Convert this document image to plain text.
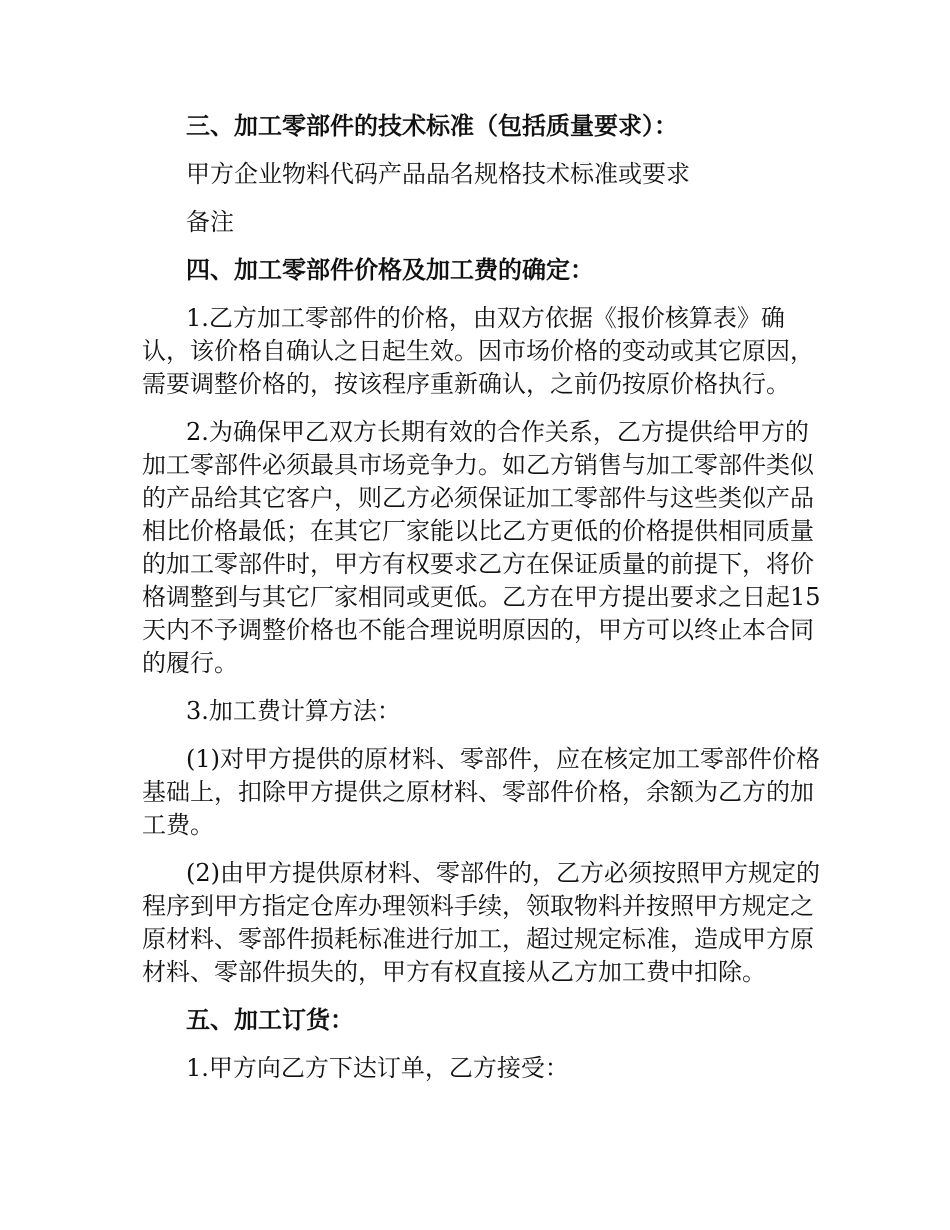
三、加工零部件的技术标准（包括质量要求）：

甲方企业物料代码产品品名规格技术标准或要求

备注

四、加工零部件价格及加工费的确定：

1.乙方加工零部件的价格，由双方依据《报价核算表》确认，该价格自确认之日起生效。因市场价格的变动或其它原因，需要调整价格的，按该程序重新确认，之前仍按原价格执行。

2.为确保甲乙双方长期有效的合作关系，乙方提供给甲方的加工零部件必须最具市场竞争力。如乙方销售与加工零部件类似的产品给其它客户，则乙方必须保证加工零部件与这些类似产品相比价格最低；在其它厂家能以比乙方更低的价格提供相同质量的加工零部件时，甲方有权要求乙方在保证质量的前提下，将价格调整到与其它厂家相同或更低。乙方在甲方提出要求之日起15天内不予调整价格也不能合理说明原因的，甲方可以终止本合同的履行。

3.加工费计算方法：

(1)对甲方提供的原材料、零部件，应在核定加工零部件价格基础上，扣除甲方提供之原材料、零部件价格，余额为乙方的加工费。

(2)由甲方提供原材料、零部件的，乙方必须按照甲方规定的程序到甲方指定仓库办理领料手续，领取物料并按照甲方规定之原材料、零部件损耗标准进行加工，超过规定标准，造成甲方原材料、零部件损失的，甲方有权直接从乙方加工费中扣除。

五、加工订货：

1.甲方向乙方下达订单，乙方接受：
